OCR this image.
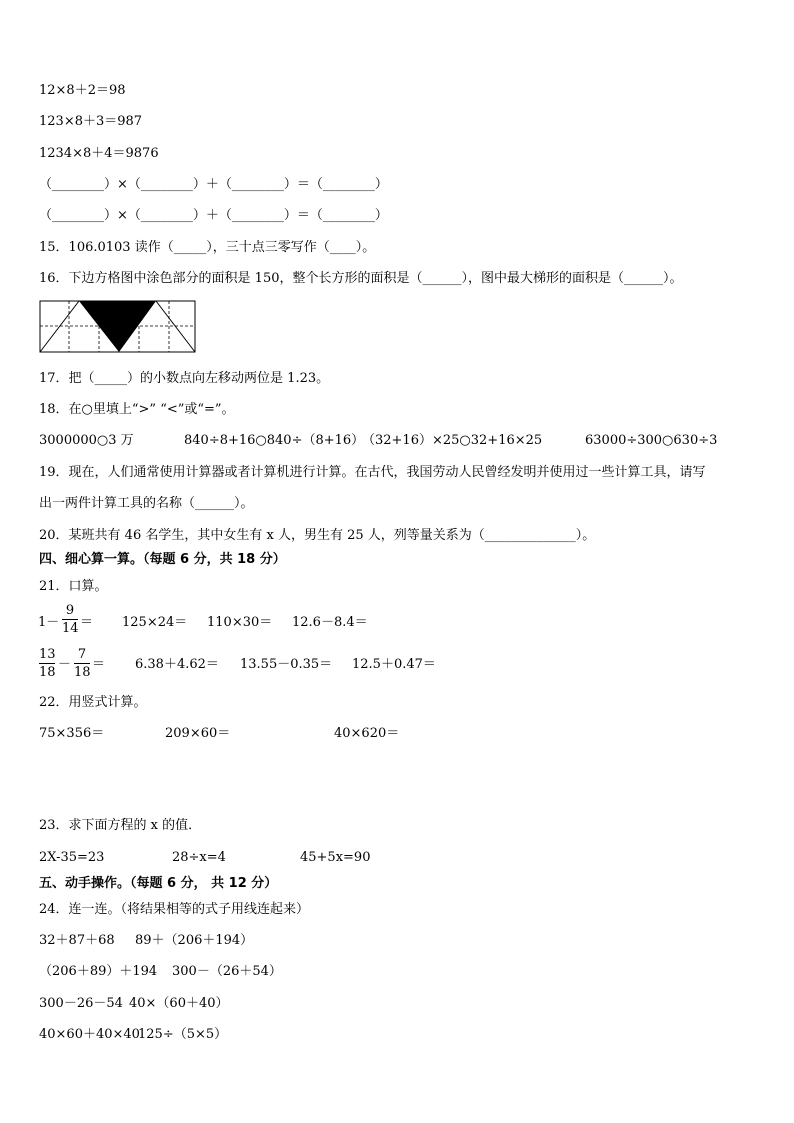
12×8＋2＝98
123×8＋3＝987
1234×8＋4＝9876
（________）×（________）＋（________）＝（________）
（________）×（________）＋（________）＝（________）
15．106.0103 读作（_____），三十点三零写作（____）。
16．下边方格图中涂色部分的面积是 150，整个长方形的面积是（______），图中最大梯形的面积是（______）。
17．把（_____）的小数点向左移动两位是 1.23。
18．在○里填上“>” “<”或“=”。
3000000○3 万	840÷8+16○840÷（8+16）
（32+16）×25○32+16×25	63000÷300○630÷3
19．现在，人们通常使用计算器或者计算机进行计算。在古代，我国劳动人民曾经发明并使用过一些计算工具，请写
出一两件计算工具的名称（______）。
20．某班共有 46 名学生，其中女生有 x 人，男生有 25 人，列等量关系为（______________）。
四、细心算一算。（每题 6 分，共 18 分）
21．口算。
1－
9
14 ＝ 125×24＝ 110×30＝ 12.6－8.4＝
13
18
－
7
18
＝ 6.38＋4.62＝ 13.55－0.35＝ 12.5＋0.47＝
22．用竖式计算。
75×356＝	209×60＝	40×620＝
23．求下面方程的 x 的值．
2X-35=23	28÷x=4	45+5x=90
五、动手操作。（每题 6 分， 共 12 分）
24．连一连。（将结果相等的式子用线连起来）
32＋87＋68 89＋（206＋194）
（206＋89）＋194 300－（26＋54）
300－26－54 40×（60＋40）
40×60＋40×40
125÷（5×5）
